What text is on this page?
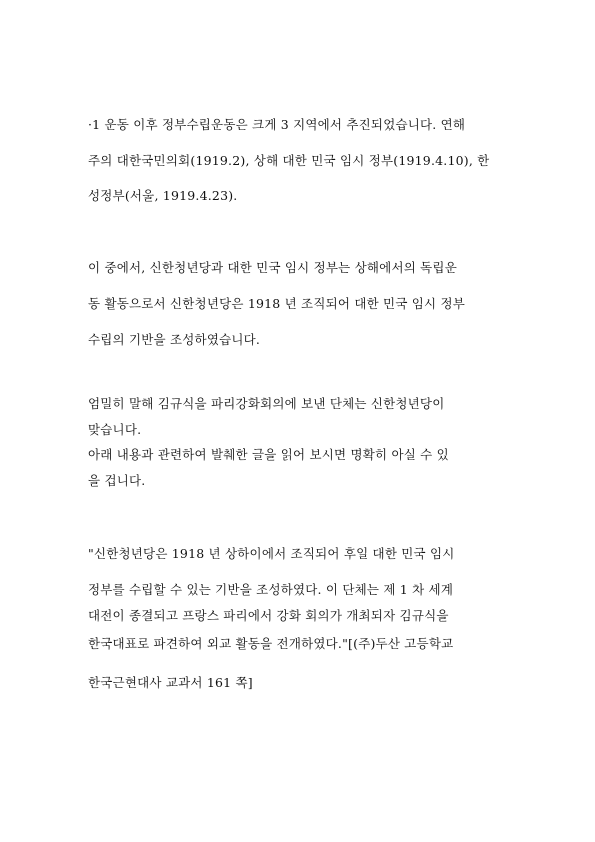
·1 운동 이후 정부수립운동은 크게 3 지역에서 추진되었습니다. 연해
주의 대한국민의회(1919.2), 상해 대한 민국 임시 정부(1919.4.10), 한
성정부(서울, 1919.4.23).
이 중에서, 신한청년당과 대한 민국 임시 정부는 상해에서의 독립운
동 활동으로서 신한청년당은 1918 년 조직되어 대한 민국 임시 정부
수립의 기반을 조성하였습니다.
엄밀히 말해 김규식을 파리강화회의에 보낸 단체는 신한청년당이
맞습니다.
아래 내용과 관련하여 발췌한 글을 읽어 보시면 명확히 아실 수 있
을 겁니다.
"신한청년당은 1918 년 상하이에서 조직되어 후일 대한 민국 임시
정부를 수립할 수 있는 기반을 조성하였다. 이 단체는 제 1 차 세계
대전이 종결되고 프랑스 파리에서 강화 회의가 개최되자 김규식을
한국대표로 파견하여 외교 활동을 전개하였다."[(주)두산 고등학교
한국근현대사 교과서 161 쪽]
